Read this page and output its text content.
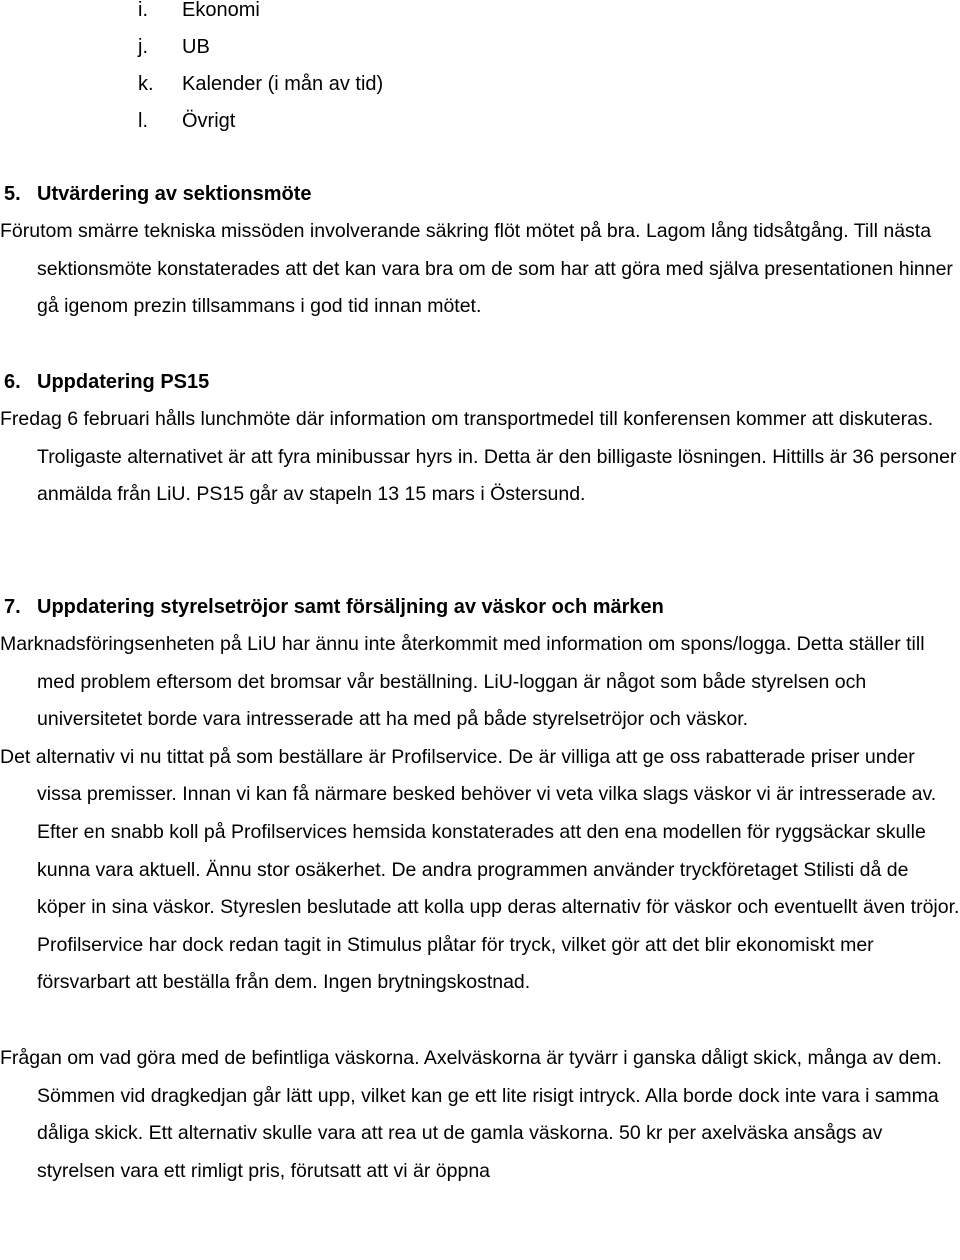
i.	Ekonomi
j.	UB
k.	Kalender (i mån av tid)
l.	Övrigt
5. Utvärdering av sektionsmöte

Förutom smärre tekniska missöden involverande säkring flöt mötet på bra. Lagom lång tidsåtgång. Till nästa sektionsmöte konstaterades att det kan vara bra om de som har att göra med själva presentationen hinner gå igenom prezin tillsammans i god tid innan mötet.

6. Uppdatering PS15

Fredag 6 februari hålls lunchmöte där information om transportmedel till konferensen kommer att diskuteras. Troligaste alternativet är att fyra minibussar hyrs in. Detta är den billigaste lösningen. Hittills är 36 personer anmälda från LiU. PS15 går av stapeln 13 15 mars i Östersund.

7. Uppdatering styrelsetröjor samt försäljning av väskor och märken

Marknadsföringsenheten på LiU har ännu inte återkommit med information om spons/logga. Detta ställer till med problem eftersom det bromsar vår beställning. LiU-loggan är något som både styrelsen och universitetet borde vara intresserade att ha med på både styrelsetröjor och väskor.

Det alternativ vi nu tittat på som beställare är Profilservice. De är villiga att ge oss rabatterade priser under vissa premisser. Innan vi kan få närmare besked behöver vi veta vilka slags väskor vi är intresserade av. Efter en snabb koll på Profilservices hemsida konstaterades att den ena modellen för ryggsäckar skulle kunna vara aktuell. Ännu stor osäkerhet. De andra programmen använder tryckföretaget Stilisti då de köper in sina väskor. Styreslen beslutade att kolla upp deras alternativ för väskor och eventuellt även tröjor. Profilservice har dock redan tagit in Stimulus plåtar för tryck, vilket gör att det blir ekonomiskt mer försvarbart att beställa från dem. Ingen brytningskostnad.

Frågan om vad göra med de befintliga väskorna. Axelväskorna är tyvärr i ganska dåligt skick, många av dem. Sömmen vid dragkedjan går lätt upp, vilket kan ge ett lite risigt intryck. Alla borde dock inte vara i samma dåliga skick. Ett alternativ skulle vara att rea ut de gamla väskorna. 50 kr per axelväska ansågs av styrelsen vara ett rimligt pris, förutsatt att vi är öppna
